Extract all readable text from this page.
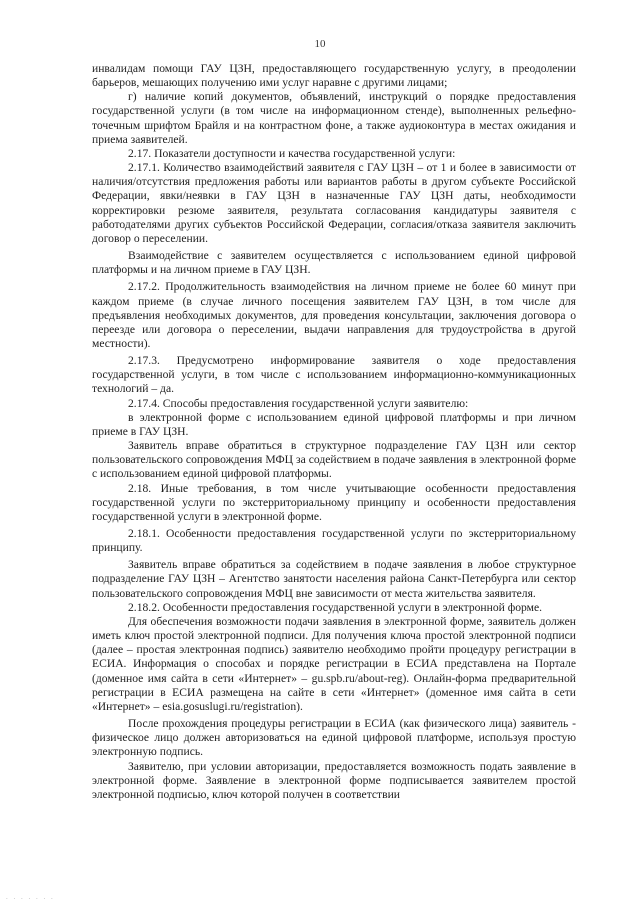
10

инвалидам помощи ГАУ ЦЗН, предоставляющего государственную услугу, в преодолении барьеров, мешающих получению ими услуг наравне с другими лицами;

г) наличие копий документов, объявлений, инструкций о порядке предоставления государственной услуги (в том числе на информационном стенде), выполненных рельефно-точечным шрифтом Брайля и на контрастном фоне, а также аудиоконтура в местах ожидания и приема заявителей.

2.17. Показатели доступности и качества государственной услуги:

2.17.1. Количество взаимодействий заявителя с ГАУ ЦЗН – от 1 и более в зависимости от наличия/отсутствия предложения работы или вариантов работы в другом субъекте Российской Федерации, явки/неявки в ГАУ ЦЗН в назначенные ГАУ ЦЗН даты, необходимости корректировки резюме заявителя, результата согласования кандидатуры заявителя с работодателями других субъектов Российской Федерации, согласия/отказа заявителя заключить договор о переселении.

Взаимодействие с заявителем осуществляется с использованием единой цифровой платформы и на личном приеме в ГАУ ЦЗН.

2.17.2. Продолжительность взаимодействия на личном приеме не более 60 минут при каждом приеме (в случае личного посещения заявителем ГАУ ЦЗН, в том числе для предъявления необходимых документов, для проведения консультации, заключения договора о переезде или договора о переселении, выдачи направления для трудоустройства в другой местности).

2.17.3. Предусмотрено информирование заявителя о ходе предоставления государственной услуги, в том числе с использованием информационно-коммуникационных технологий – да.

2.17.4. Способы предоставления государственной услуги заявителю:

в электронной форме с использованием единой цифровой платформы и при личном приеме в ГАУ ЦЗН.

Заявитель вправе обратиться в структурное подразделение ГАУ ЦЗН или сектор пользовательского сопровождения МФЦ за содействием в подаче заявления в электронной форме с использованием единой цифровой платформы.

2.18. Иные требования, в том числе учитывающие особенности предоставления государственной услуги по экстерриториальному принципу и особенности предоставления государственной услуги в электронной форме.

2.18.1. Особенности предоставления государственной услуги по экстерриториальному принципу.

Заявитель вправе обратиться за содействием в подаче заявления в любое структурное подразделение ГАУ ЦЗН – Агентство занятости населения района Санкт-Петербурга или сектор пользовательского сопровождения МФЦ вне зависимости от места жительства заявителя.

2.18.2. Особенности предоставления государственной услуги в электронной форме.

Для обеспечения возможности подачи заявления в электронной форме, заявитель должен иметь ключ простой электронной подписи. Для получения ключа простой электронной подписи (далее – простая электронная подпись) заявителю необходимо пройти процедуру регистрации в ЕСИА. Информация о способах и порядке регистрации в ЕСИА представлена на Портале (доменное имя сайта в сети «Интернет» – gu.spb.ru/about-reg). Онлайн-форма предварительной регистрации в ЕСИА размещена на сайте в сети «Интернет» (доменное имя сайта в сети «Интернет» – esia.gosuslugi.ru/registration).

После прохождения процедуры регистрации в ЕСИА (как физического лица) заявитель - физическое лицо должен авторизоваться на единой цифровой платформе, используя простую электронную подпись.

Заявителю, при условии авторизации, предоставляется возможность подать заявление в электронной форме. Заявление в электронной форме подписывается заявителем простой электронной подписью, ключ которой получен в соответствии

. . . . . . .
